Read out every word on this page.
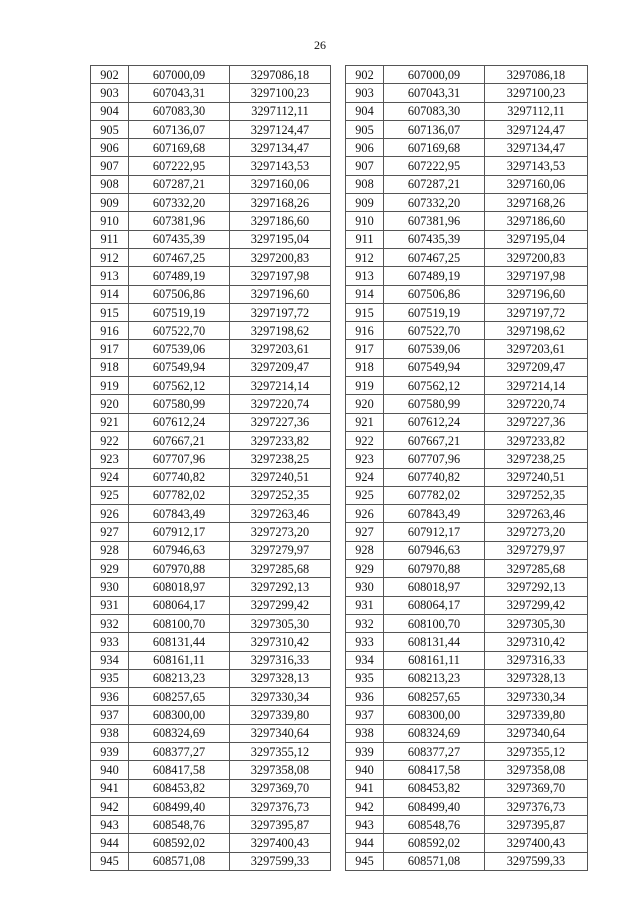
26
902	607000,09	3297086,18
903	607043,31	3297100,23
904	607083,30	3297112,11
905	607136,07	3297124,47
906	607169,68	3297134,47
907	607222,95	3297143,53
908	607287,21	3297160,06
909	607332,20	3297168,26
910	607381,96	3297186,60
911	607435,39	3297195,04
912	607467,25	3297200,83
913	607489,19	3297197,98
914	607506,86	3297196,60
915	607519,19	3297197,72
916	607522,70	3297198,62
917	607539,06	3297203,61
918	607549,94	3297209,47
919	607562,12	3297214,14
920	607580,99	3297220,74
921	607612,24	3297227,36
922	607667,21	3297233,82
923	607707,96	3297238,25
924	607740,82	3297240,51
925	607782,02	3297252,35
926	607843,49	3297263,46
927	607912,17	3297273,20
928	607946,63	3297279,97
929	607970,88	3297285,68
930	608018,97	3297292,13
931	608064,17	3297299,42
932	608100,70	3297305,30
933	608131,44	3297310,42
934	608161,11	3297316,33
935	608213,23	3297328,13
936	608257,65	3297330,34
937	608300,00	3297339,80
938	608324,69	3297340,64
939	608377,27	3297355,12
940	608417,58	3297358,08
941	608453,82	3297369,70
942	608499,40	3297376,73
943	608548,76	3297395,87
944	608592,02	3297400,43
945	608571,08	3297599,33
902	607000,09	3297086,18
903	607043,31	3297100,23
904	607083,30	3297112,11
905	607136,07	3297124,47
906	607169,68	3297134,47
907	607222,95	3297143,53
908	607287,21	3297160,06
909	607332,20	3297168,26
910	607381,96	3297186,60
911	607435,39	3297195,04
912	607467,25	3297200,83
913	607489,19	3297197,98
914	607506,86	3297196,60
915	607519,19	3297197,72
916	607522,70	3297198,62
917	607539,06	3297203,61
918	607549,94	3297209,47
919	607562,12	3297214,14
920	607580,99	3297220,74
921	607612,24	3297227,36
922	607667,21	3297233,82
923	607707,96	3297238,25
924	607740,82	3297240,51
925	607782,02	3297252,35
926	607843,49	3297263,46
927	607912,17	3297273,20
928	607946,63	3297279,97
929	607970,88	3297285,68
930	608018,97	3297292,13
931	608064,17	3297299,42
932	608100,70	3297305,30
933	608131,44	3297310,42
934	608161,11	3297316,33
935	608213,23	3297328,13
936	608257,65	3297330,34
937	608300,00	3297339,80
938	608324,69	3297340,64
939	608377,27	3297355,12
940	608417,58	3297358,08
941	608453,82	3297369,70
942	608499,40	3297376,73
943	608548,76	3297395,87
944	608592,02	3297400,43
945	608571,08	3297599,33
